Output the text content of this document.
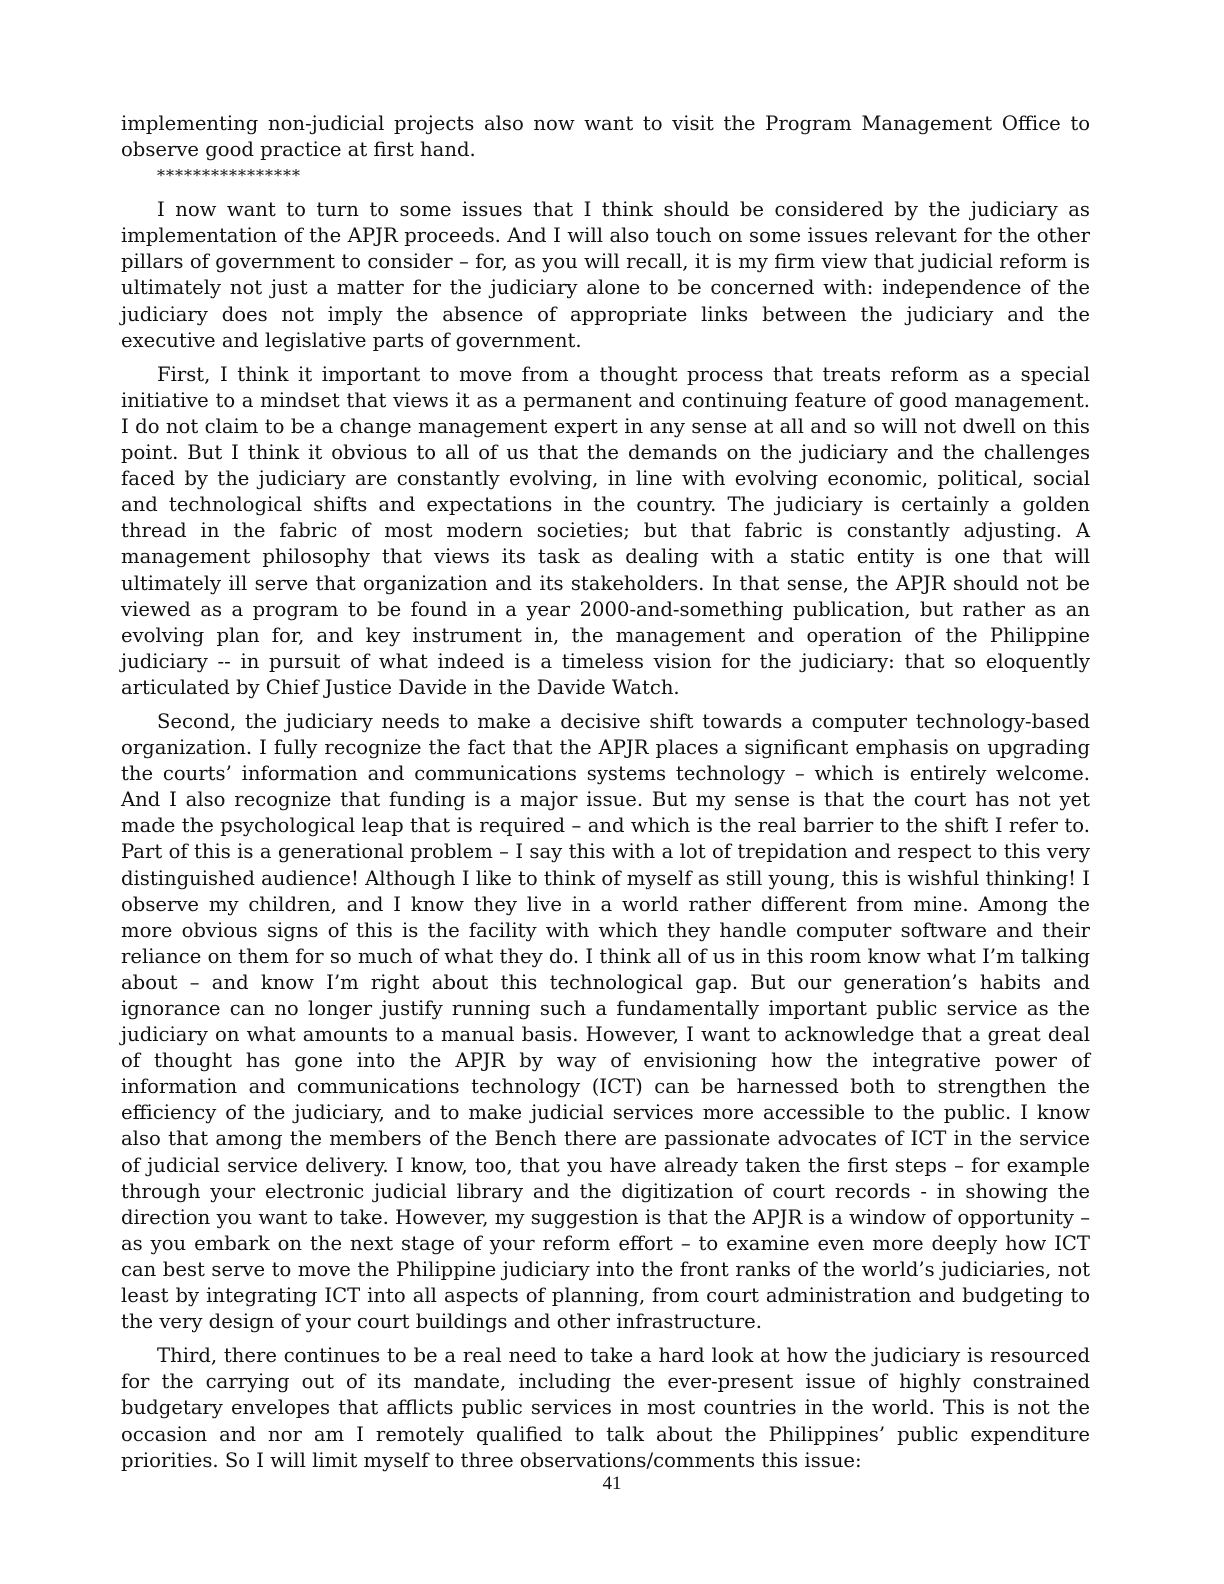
implementing non-judicial projects also now want to visit the Program Management Office to observe good practice at first hand.

****************

I now want to turn to some issues that I think should be considered by the judiciary as implementation of the APJR proceeds. And I will also touch on some issues relevant for the other pillars of government to consider – for, as you will recall, it is my firm view that judicial reform is ultimately not just a matter for the judiciary alone to be concerned with: independence of the judiciary does not imply the absence of appropriate links between the judiciary and the executive and legislative parts of government.

First, I think it important to move from a thought process that treats reform as a special initiative to a mindset that views it as a permanent and continuing feature of good management. I do not claim to be a change management expert in any sense at all and so will not dwell on this point. But I think it obvious to all of us that the demands on the judiciary and the challenges faced by the judiciary are constantly evolving, in line with evolving economic, political, social and technological shifts and expectations in the country. The judiciary is certainly a golden thread in the fabric of most modern societies; but that fabric is constantly adjusting. A management philosophy that views its task as dealing with a static entity is one that will ultimately ill serve that organization and its stakeholders. In that sense, the APJR should not be viewed as a program to be found in a year 2000-and-something publication, but rather as an evolving plan for, and key instrument in, the management and operation of the Philippine judiciary -- in pursuit of what indeed is a timeless vision for the judiciary: that so eloquently articulated by Chief Justice Davide in the Davide Watch.

Second, the judiciary needs to make a decisive shift towards a computer technology-based organization. I fully recognize the fact that the APJR places a significant emphasis on upgrading the courts’ information and communications systems technology – which is entirely welcome. And I also recognize that funding is a major issue. But my sense is that the court has not yet made the psychological leap that is required – and which is the real barrier to the shift I refer to. Part of this is a generational problem – I say this with a lot of trepidation and respect to this very distinguished audience! Although I like to think of myself as still young, this is wishful thinking! I observe my children, and I know they live in a world rather different from mine. Among the more obvious signs of this is the facility with which they handle computer software and their reliance on them for so much of what they do. I think all of us in this room know what I’m talking about – and know I’m right about this technological gap. But our generation’s habits and ignorance can no longer justify running such a fundamentally important public service as the judiciary on what amounts to a manual basis. However, I want to acknowledge that a great deal of thought has gone into the APJR by way of envisioning how the integrative power of information and communications technology (ICT) can be harnessed both to strengthen the efficiency of the judiciary, and to make judicial services more accessible to the public. I know also that among the members of the Bench there are passionate advocates of ICT in the service of judicial service delivery. I know, too, that you have already taken the first steps – for example through your electronic judicial library and the digitization of court records - in showing the direction you want to take. However, my suggestion is that the APJR is a window of opportunity – as you embark on the next stage of your reform effort – to examine even more deeply how ICT can best serve to move the Philippine judiciary into the front ranks of the world’s judiciaries, not least by integrating ICT into all aspects of planning, from court administration and budgeting to the very design of your court buildings and other infrastructure.

Third, there continues to be a real need to take a hard look at how the judiciary is resourced for the carrying out of its mandate, including the ever-present issue of highly constrained budgetary envelopes that afflicts public services in most countries in the world. This is not the occasion and nor am I remotely qualified to talk about the Philippines’ public expenditure priorities. So I will limit myself to three observations/comments this issue:

41
